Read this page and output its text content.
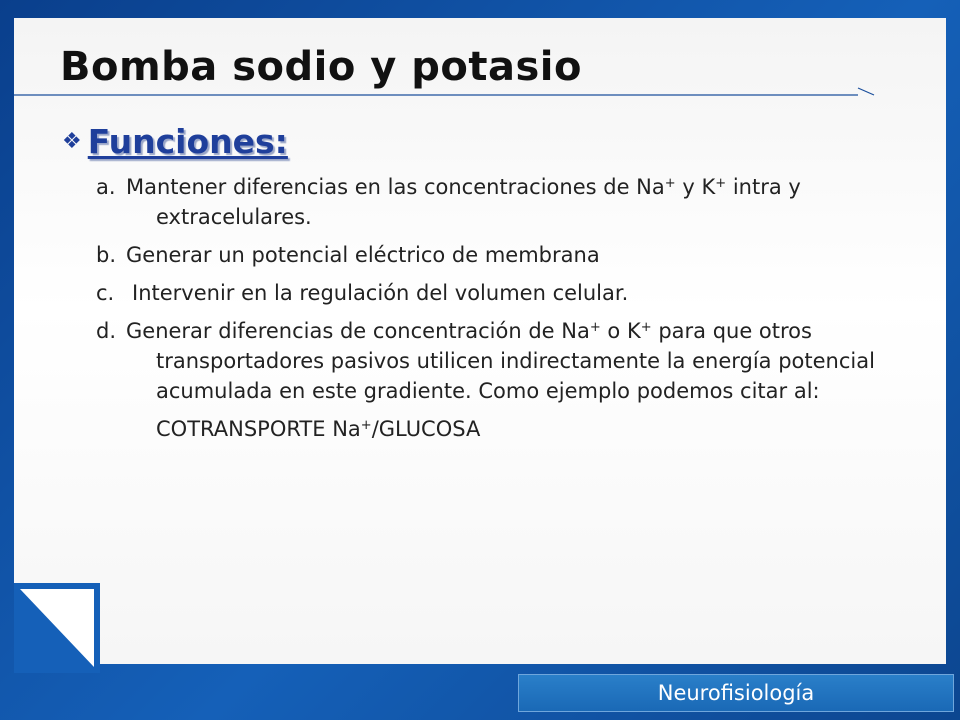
Bomba sodio y potasio
❖ Funciones:
a. Mantener diferencias en las concentraciones de Na+ y K+ intra y extracelulares.
b. Generar un potencial eléctrico de membrana
c. Intervenir en la regulación del volumen celular.
d. Generar diferencias de concentración de Na+ o K+ para que otros transportadores pasivos utilicen indirectamente la energía potencial acumulada en este gradiente. Como ejemplo podemos citar al:
COTRANSPORTE Na+/GLUCOSA
Neurofisiología
